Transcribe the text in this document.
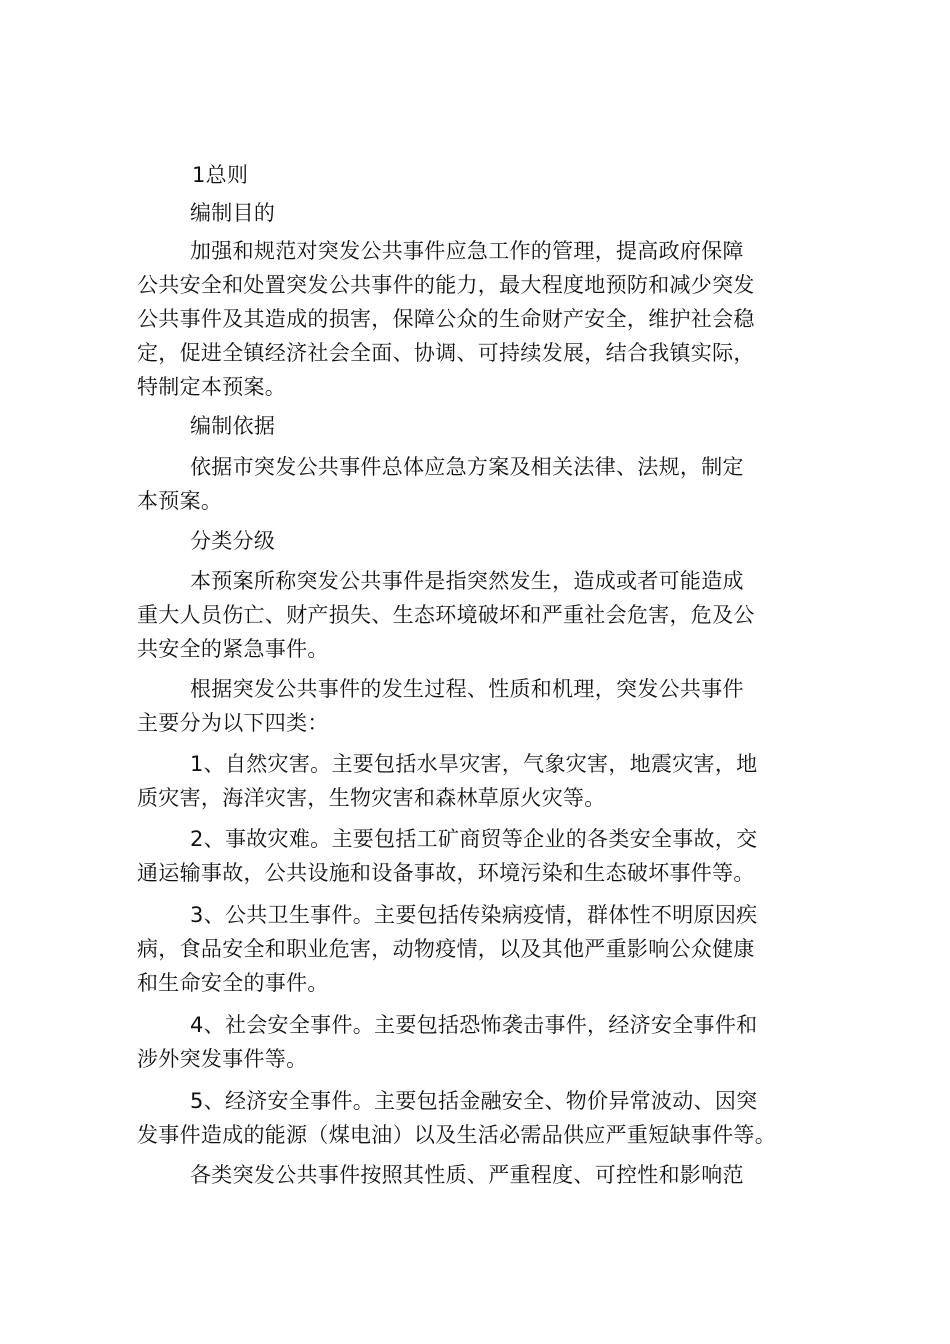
1总则
编制目的
加强和规范对突发公共事件应急工作的管理，提高政府保障
公共安全和处置突发公共事件的能力，最大程度地预防和减少突发
公共事件及其造成的损害，保障公众的生命财产安全，维护社会稳
定，促进全镇经济社会全面、协调、可持续发展，结合我镇实际，
特制定本预案。
编制依据
依据市突发公共事件总体应急方案及相关法律、法规，制定
本预案。
分类分级
本预案所称突发公共事件是指突然发生，造成或者可能造成
重大人员伤亡、财产损失、生态环境破坏和严重社会危害，危及公
共安全的紧急事件。
根据突发公共事件的发生过程、性质和机理，突发公共事件
主要分为以下四类：
1、自然灾害。主要包括水旱灾害，气象灾害，地震灾害，地
质灾害，海洋灾害，生物灾害和森林草原火灾等。
2、事故灾难。主要包括工矿商贸等企业的各类安全事故，交
通运输事故，公共设施和设备事故，环境污染和生态破坏事件等。
3、公共卫生事件。主要包括传染病疫情，群体性不明原因疾
病，食品安全和职业危害，动物疫情，以及其他严重影响公众健康
和生命安全的事件。
4、社会安全事件。主要包括恐怖袭击事件，经济安全事件和
涉外突发事件等。
5、经济安全事件。主要包括金融安全、物价异常波动、因突
发事件造成的能源（煤电油）以及生活必需品供应严重短缺事件等。
各类突发公共事件按照其性质、严重程度、可控性和影响范
